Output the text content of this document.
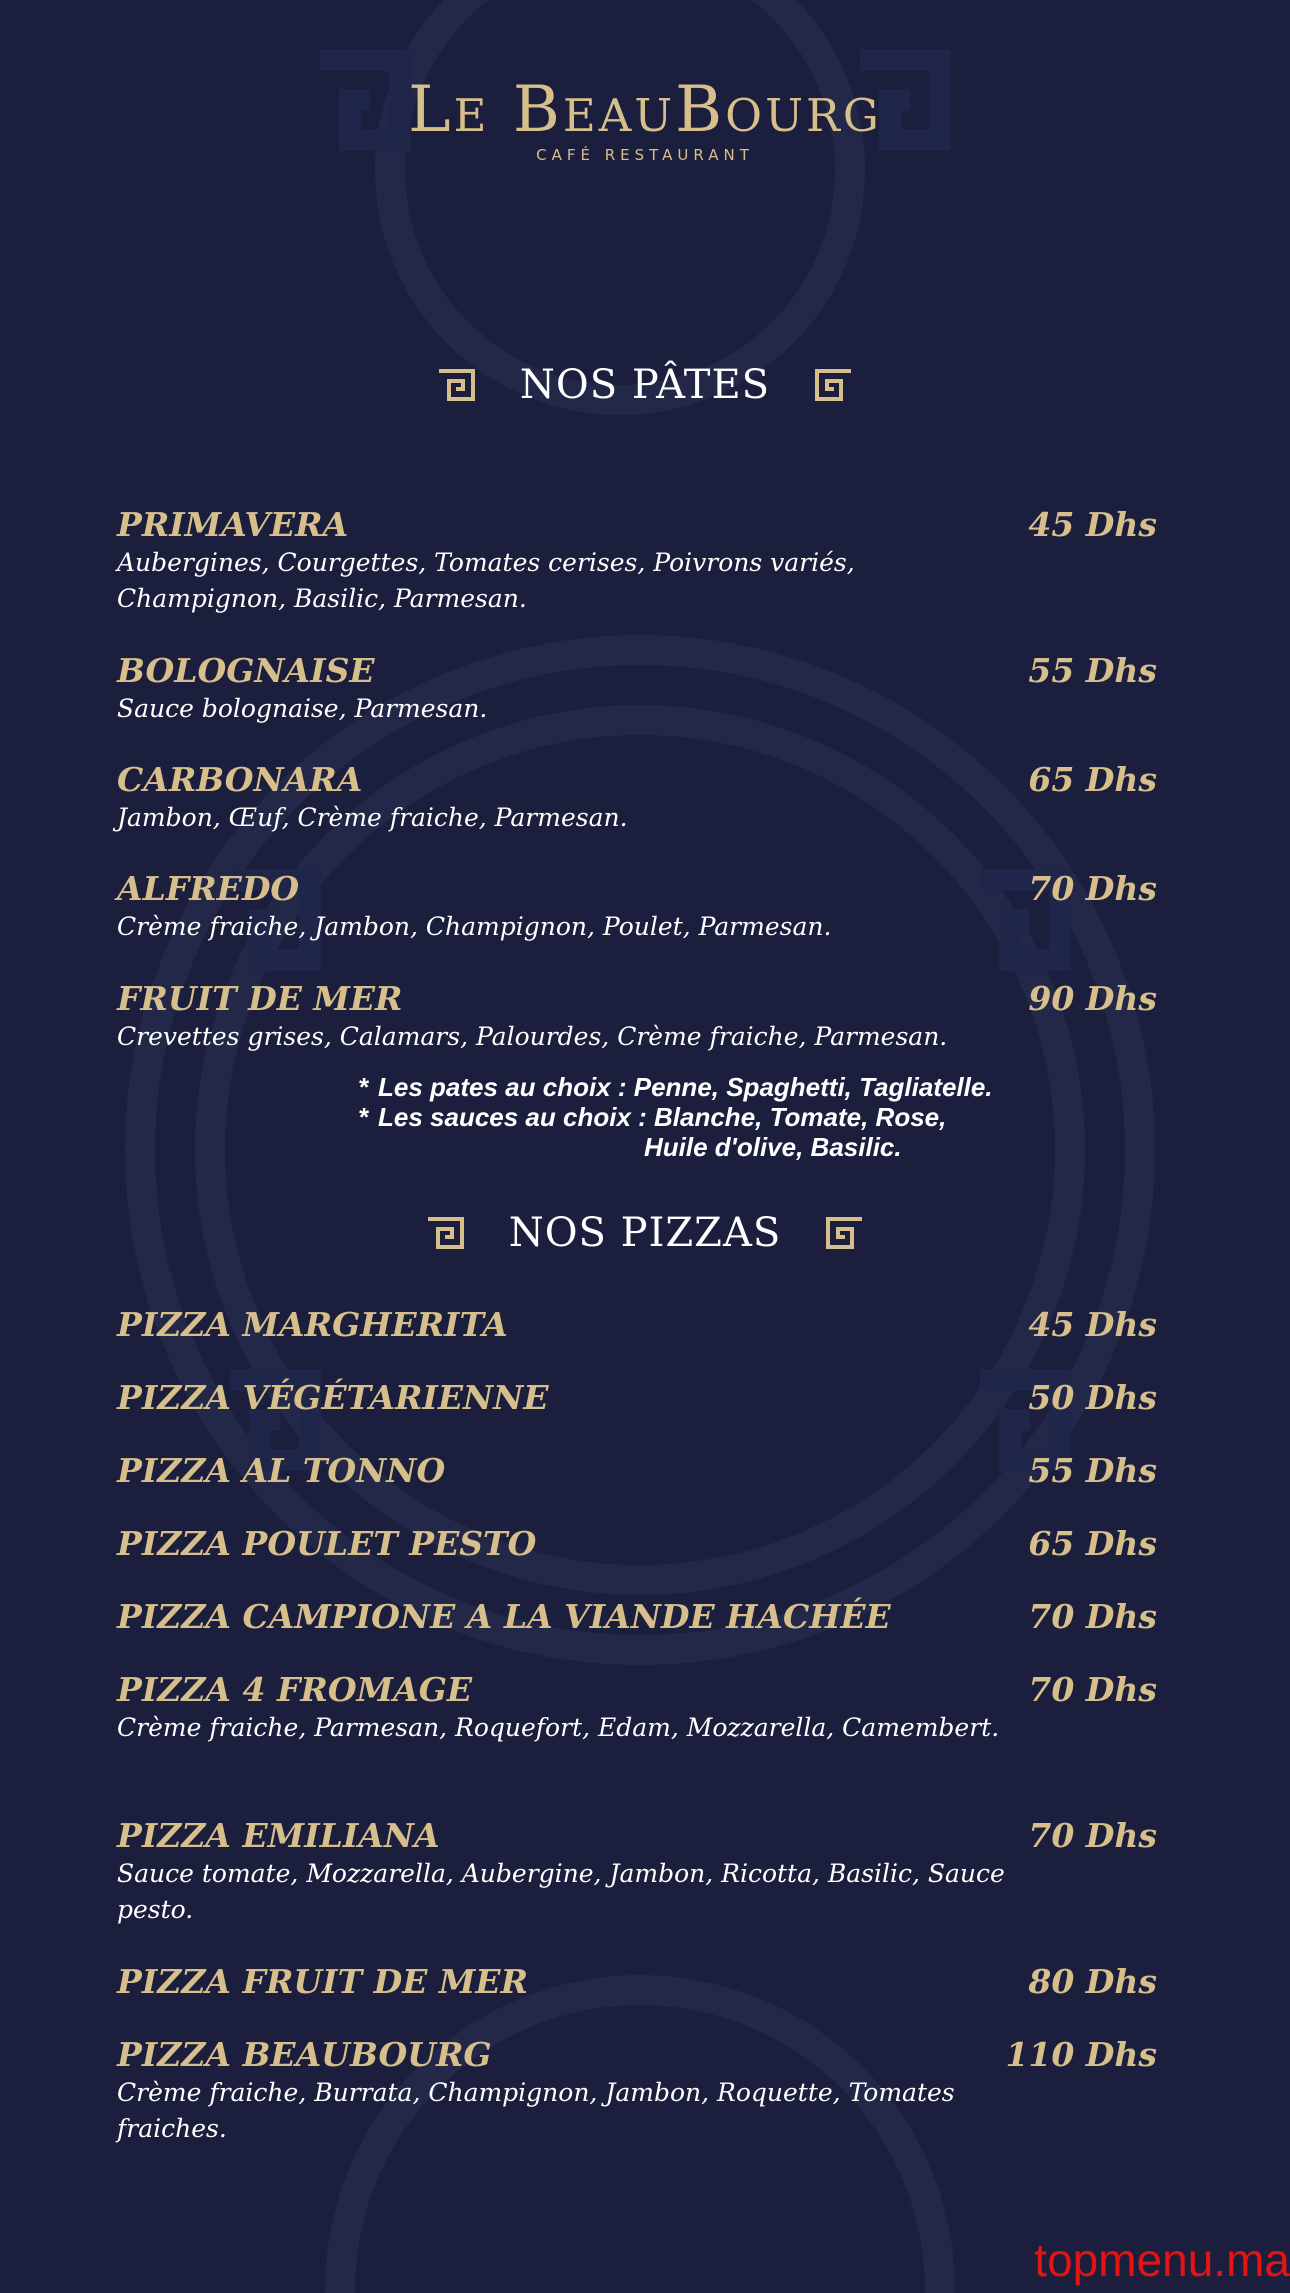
Le BeauBourg
CAFÉ RESTAURANT
NOS PÂTES
PRIMAVERA	45 Dhs
Aubergines, Courgettes, Tomates cerises, Poivrons variés, Champignon, Basilic, Parmesan.
BOLOGNAISE	55 Dhs
Sauce bolognaise, Parmesan.
CARBONARA	65 Dhs
Jambon, Œuf, Crème fraiche, Parmesan.
ALFREDO	70 Dhs
Crème fraiche, Jambon, Champignon, Poulet, Parmesan.
FRUIT DE MER	90 Dhs
Crevettes grises, Calamars, Palourdes, Crème fraiche, Parmesan.
* Les pates au choix : Penne, Spaghetti, Tagliatelle.
* Les sauces au choix : Blanche, Tomate, Rose,
Huile d'olive, Basilic.
NOS PIZZAS
PIZZA MARGHERITA	45 Dhs
PIZZA VÉGÉTARIENNE	50 Dhs
PIZZA AL TONNO	55 Dhs
PIZZA POULET PESTO	65 Dhs
PIZZA CAMPIONE A LA VIANDE HACHÉE	70 Dhs
PIZZA 4 FROMAGE	70 Dhs
Crème fraiche, Parmesan, Roquefort, Edam, Mozzarella, Camembert.
PIZZA EMILIANA	70 Dhs
Sauce tomate, Mozzarella, Aubergine, Jambon, Ricotta, Basilic, Sauce pesto.
PIZZA FRUIT DE MER	80 Dhs
PIZZA BEAUBOURG	110 Dhs
Crème fraiche, Burrata, Champignon, Jambon, Roquette, Tomates fraiches.
topmenu.ma
